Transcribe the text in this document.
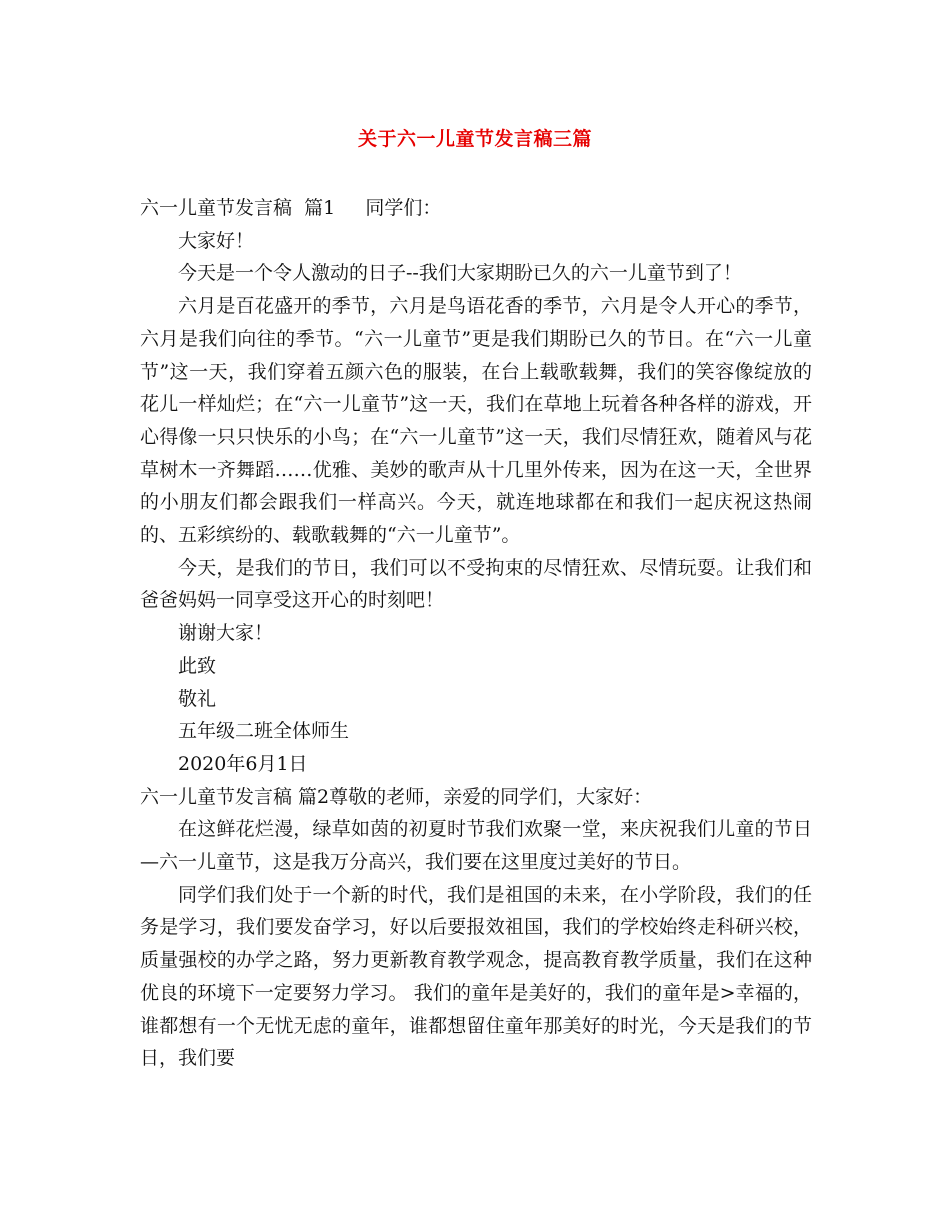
关于六一儿童节发言稿三篇

六一儿童节发言稿  篇1     同学们：

大家好！

今天是一个令人激动的日子--我们大家期盼已久的六一儿童节到了！

六月是百花盛开的季节，六月是鸟语花香的季节，六月是令人开心的季节，六月是我们向往的季节。“六一儿童节”更是我们期盼已久的节日。在“六一儿童节”这一天，我们穿着五颜六色的服装，在台上载歌载舞，我们的笑容像绽放的花儿一样灿烂；在“六一儿童节”这一天，我们在草地上玩着各种各样的游戏，开心得像一只只快乐的小鸟；在“六一儿童节”这一天，我们尽情狂欢，随着风与花草树木一齐舞蹈……优雅、美妙的歌声从十几里外传来，因为在这一天，全世界的小朋友们都会跟我们一样高兴。今天，就连地球都在和我们一起庆祝这热闹的、五彩缤纷的、载歌载舞的“六一儿童节”。

今天，是我们的节日，我们可以不受拘束的尽情狂欢、尽情玩耍。让我们和爸爸妈妈一同享受这开心的时刻吧！

谢谢大家！

此致

敬礼

五年级二班全体师生

2020年6月1日

六一儿童节发言稿 篇2尊敬的老师，亲爱的同学们，大家好：

在这鲜花烂漫，绿草如茵的初夏时节我们欢聚一堂，来庆祝我们儿童的节日—六一儿童节，这是我万分高兴，我们要在这里度过美好的节日。

同学们我们处于一个新的时代，我们是祖国的未来，在小学阶段，我们的任务是学习，我们要发奋学习，好以后要报效祖国，我们的学校始终走科研兴校，质量强校的办学之路，努力更新教育教学观念，提高教育教学质量，我们在这种优良的环境下一定要努力学习。 我们的童年是美好的，我们的童年是>幸福的，谁都想有一个无忧无虑的童年，谁都想留住童年那美好的时光，今天是我们的节日，我们要
